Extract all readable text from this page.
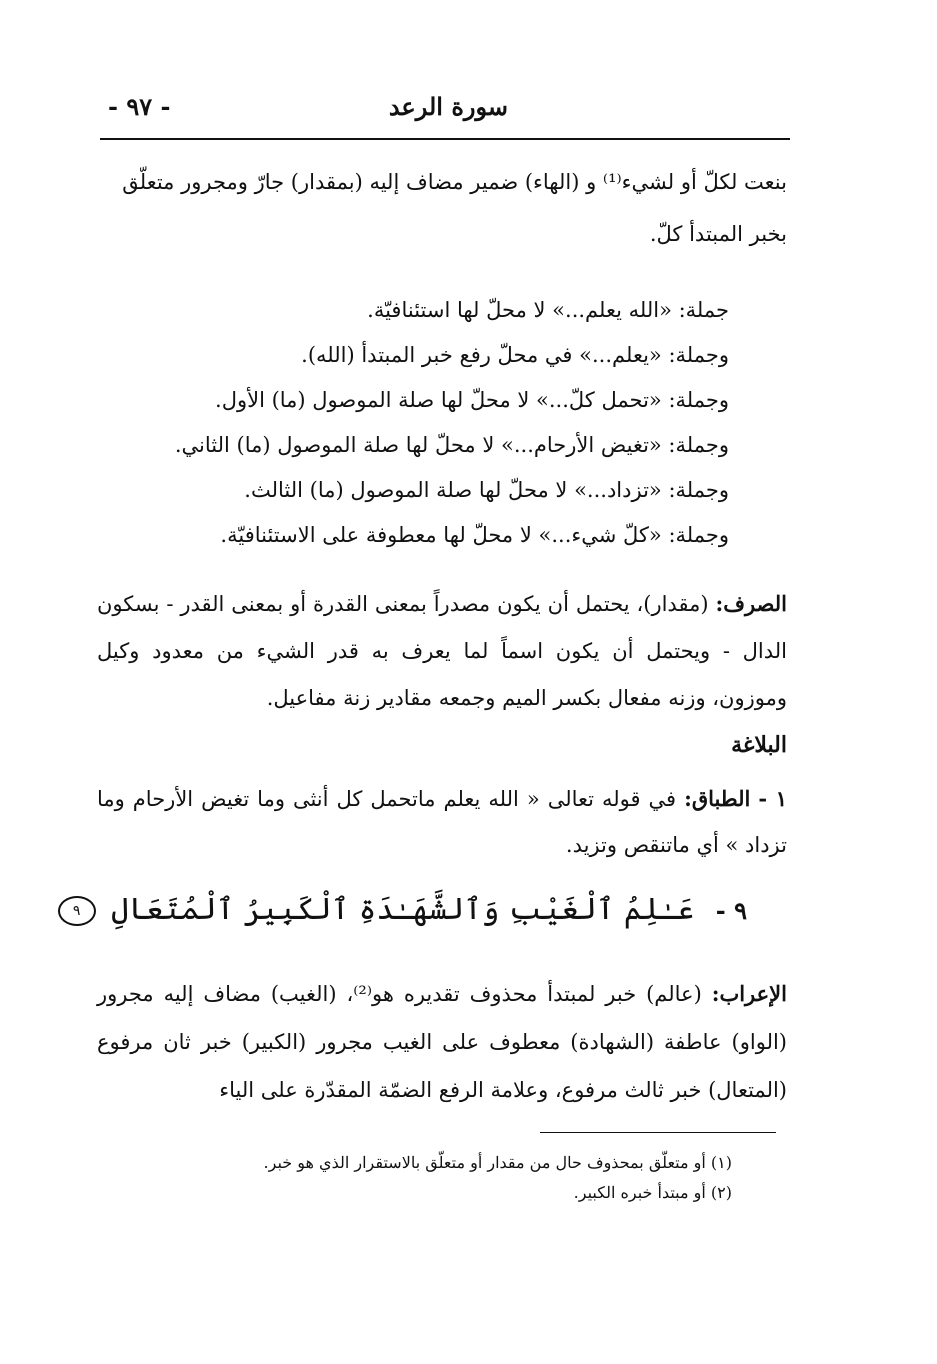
سورة الرعد
- ٩٧ -
بنعت لكلّ أو لشيء⁽¹⁾ و (الهاء) ضمير مضاف إليه (بمقدار) جارّ ومجرور متعلّق
بخبر المبتدأ كلّ.
جملة: «الله يعلم...» لا محلّ لها استئنافيّة.
وجملة: «يعلم...» في محلّ رفع خبر المبتدأ (الله).
وجملة: «تحمل كلّ...» لا محلّ لها صلة الموصول (ما) الأول.
وجملة: «تغيض الأرحام...» لا محلّ لها صلة الموصول (ما) الثاني.
وجملة: «تزداد...» لا محلّ لها صلة الموصول (ما) الثالث.
وجملة: «كلّ شيء...» لا محلّ لها معطوفة على الاستئنافيّة.
الصرف: (مقدار)، يحتمل أن يكون مصدراً بمعنى القدرة أو بمعنى القدر - بسكون الدال - ويحتمل أن يكون اسماً لما يعرف به قدر الشيء من معدود وكيل وموزون، وزنه مفعال بكسر الميم وجمعه مقادير زنة مفاعيل.
البلاغة
١ - الطباق: في قوله تعالى « الله يعلم ماتحمل كل أنثى وما تغيض الأرحام وما تزداد » أي ماتنقص وتزيد.
٩ - عَـٰلِمُ ٱلْغَيْبِ وَٱلشَّهَـٰدَةِ ٱلْكَبِيرُ ٱلْمُتَعَالِ ٩
الإعراب: (عالم) خبر لمبتدأ محذوف تقديره هو⁽²⁾، (الغيب) مضاف إليه مجرور (الواو) عاطفة (الشهادة) معطوف على الغيب مجرور (الكبير) خبر ثان مرفوع (المتعال) خبر ثالث مرفوع، وعلامة الرفع الضمّة المقدّرة على الياء
(١) أو متعلّق بمحذوف حال من مقدار أو متعلّق بالاستقرار الذي هو خبر.
(٢) أو مبتدأ خبره الكبير.
